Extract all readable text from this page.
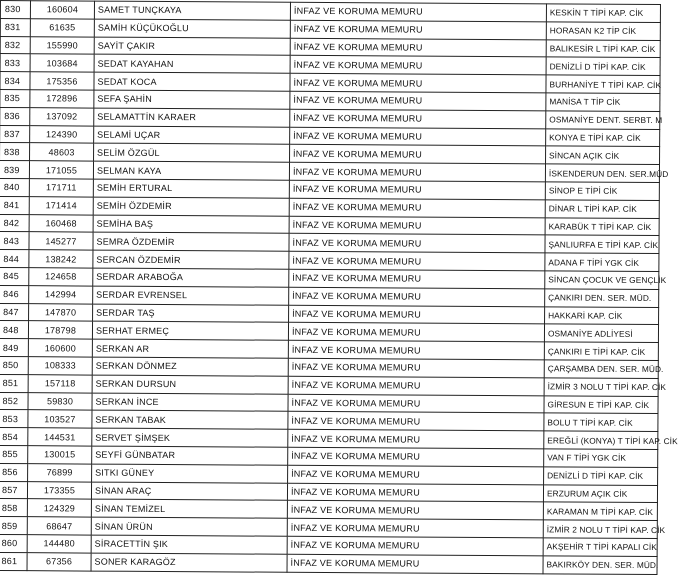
830	160604	SAMET TUNÇKAYA	İNFAZ VE KORUMA MEMURU	KESKİN T TİPİ KAP. CİK
831	61635	SAMİH KÜÇÜKOĞLU	İNFAZ VE KORUMA MEMURU	HORASAN K2 TİP CİK
832	155990	SAYİT ÇAKIR	İNFAZ VE KORUMA MEMURU	BALIKESİR L TİPİ KAP. CİK
833	103684	SEDAT KAYAHAN	İNFAZ VE KORUMA MEMURU	DENİZLİ D TİPİ KAP. CİK
834	175356	SEDAT KOCA	İNFAZ VE KORUMA MEMURU	BURHANİYE T TİPİ KAP. CİK
835	172896	SEFA ŞAHİN	İNFAZ VE KORUMA MEMURU	MANİSA T TİP CİK
836	137092	SELAMATTİN KARAER	İNFAZ VE KORUMA MEMURU	OSMANİYE DENT. SERBT. M
837	124390	SELAMİ UÇAR	İNFAZ VE KORUMA MEMURU	KONYA E TİPİ KAP. CİK
838	48603	SELİM ÖZGÜL	İNFAZ VE KORUMA MEMURU	SİNCAN AÇIK CİK
839	171055	SELMAN KAYA	İNFAZ VE KORUMA MEMURU	İSKENDERUN DEN. SER.MÜD
840	171711	SEMİH ERTURAL	İNFAZ VE KORUMA MEMURU	SİNOP E TİPİ CİK
841	171414	SEMİH ÖZDEMİR	İNFAZ VE KORUMA MEMURU	DİNAR L TİPİ KAP. CİK
842	160468	SEMİHA BAŞ	İNFAZ VE KORUMA MEMURU	KARABÜK T TİPİ KAP. CİK
843	145277	SEMRA ÖZDEMİR	İNFAZ VE KORUMA MEMURU	ŞANLIURFA E TİPİ KAP. CİK
844	138242	SERCAN ÖZDEMİR	İNFAZ VE KORUMA MEMURU	ADANA F TİPİ YGK CİK
845	124658	SERDAR ARABOĞA	İNFAZ VE KORUMA MEMURU	SİNCAN ÇOCUK VE GENÇLİK
846	142994	SERDAR EVRENSEL	İNFAZ VE KORUMA MEMURU	ÇANKIRI DEN. SER. MÜD.
847	147870	SERDAR TAŞ	İNFAZ VE KORUMA MEMURU	HAKKARİ KAP. CİK
848	178798	SERHAT ERMEÇ	İNFAZ VE KORUMA MEMURU	OSMANİYE ADLİYESİ
849	160600	SERKAN AR	İNFAZ VE KORUMA MEMURU	ÇANKIRI E TİPİ KAP. CİK
850	108333	SERKAN DÖNMEZ	İNFAZ VE KORUMA MEMURU	ÇARŞAMBA DEN. SER. MÜD.
851	157118	SERKAN DURSUN	İNFAZ VE KORUMA MEMURU	İZMİR 3 NOLU T TİPİ KAP. CİK
852	59830	SERKAN İNCE	İNFAZ VE KORUMA MEMURU	GİRESUN E TİPİ KAP. CİK
853	103527	SERKAN TABAK	İNFAZ VE KORUMA MEMURU	BOLU T TİPİ KAP. CİK
854	144531	SERVET ŞİMŞEK	İNFAZ VE KORUMA MEMURU	EREĞLİ (KONYA) T TİPİ KAP. CİK
855	130015	SEYFİ GÜNBATAR	İNFAZ VE KORUMA MEMURU	VAN F TİPİ YGK CİK
856	76899	SITKI GÜNEY	İNFAZ VE KORUMA MEMURU	DENİZLİ D TİPİ KAP. CİK
857	173355	SİNAN ARAÇ	İNFAZ VE KORUMA MEMURU	ERZURUM AÇIK CİK
858	124329	SİNAN TEMİZEL	İNFAZ VE KORUMA MEMURU	KARAMAN M TİPİ KAP. CİK
859	68647	SİNAN ÜRÜN	İNFAZ VE KORUMA MEMURU	İZMİR 2 NOLU T TİPİ KAP. CİK
860	144480	SİRACETTİN ŞIK	İNFAZ VE KORUMA MEMURU	AKŞEHİR T TİPİ KAPALI CİK
861	67356	SONER KARAGÖZ	İNFAZ VE KORUMA MEMURU	BAKIRKÖY DEN. SER. MÜD.
